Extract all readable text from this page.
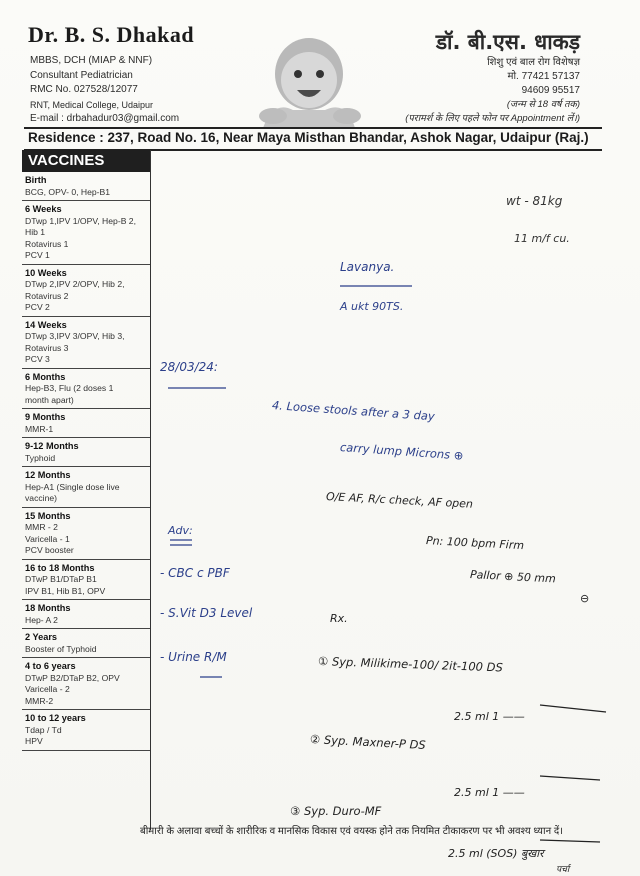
Dr. B. S. Dhakad
MBBS, DCH (MIAP & NNF)
Consultant Pediatrician
RMC No. 027528/12077
RNT, Medical College, Udaipur
E-mail : drbahadur03@gmail.com
डॉ. बी.एस. धाकड़
शिशु एवं बाल रोग विशेषज्ञ
मो. 77421 57137
94609 95517
(जन्म से 18 वर्ष तक)
(परामर्श के लिए पहले फोन पर Appointment लें।)
Residence : 237, Road No. 16, Near Maya Misthan Bhandar, Ashok Nagar, Udaipur (Raj.)
VACCINES
Birth
BCG, OPV- 0, Hep-B1
6 Weeks
DTwp 1,IPV 1/OPV, Hep-B 2,
Hib 1
Rotavirus 1
PCV 1
10 Weeks
DTwp 2,IPV 2/OPV, Hib 2,
Rotavirus 2
PCV 2
14 Weeks
DTwp 3,IPV 3/OPV, Hib 3,
Rotavirus 3
PCV 3
6 Months
Hep-B3, Flu (2 doses 1
month apart)
9 Months
MMR-1
9-12 Months
Typhoid
12 Months
Hep-A1 (Single dose live
vaccine)
15 Months
MMR - 2
Varicella - 1
PCV booster
16 to 18 Months
DTwP B1/DTaP B1
IPV B1, Hib B1, OPV
18 Months
Hep- A 2
2 Years
Booster of Typhoid
4 to 6 years
DTwP B2/DTaP B2, OPV
Varicella - 2
MMR-2
10 to 12 years
Tdap / Td
HPV
बीमारी के अलावा बच्चों के शारीरिक व मानसिक विकास एवं वयस्क होने तक नियमित टीकाकरण पर भी अवश्य ध्यान दें।
wt - 81kg
11 m/f cu.
Lavanya.
A ukt 90TS.
28/03/24:
4. Loose stools after a 3 day
carry lump Microns ⊕
O/E AF, R/c check, AF open
Pn: 100 bpm Firm
Pallor ⊕ 50 mm
⊖
Adv:
- CBC c PBF
- S.Vit D3 Level
- Urine R/M
Rx.
① Syp. Milikime-100/ 2it-100 DS
2.5 ml 1 ——
② Syp. Maxner-P DS
2.5 ml 1 ——
③ Syp. Duro-MF
2.5 ml (SOS) बुखार
पर्चा
